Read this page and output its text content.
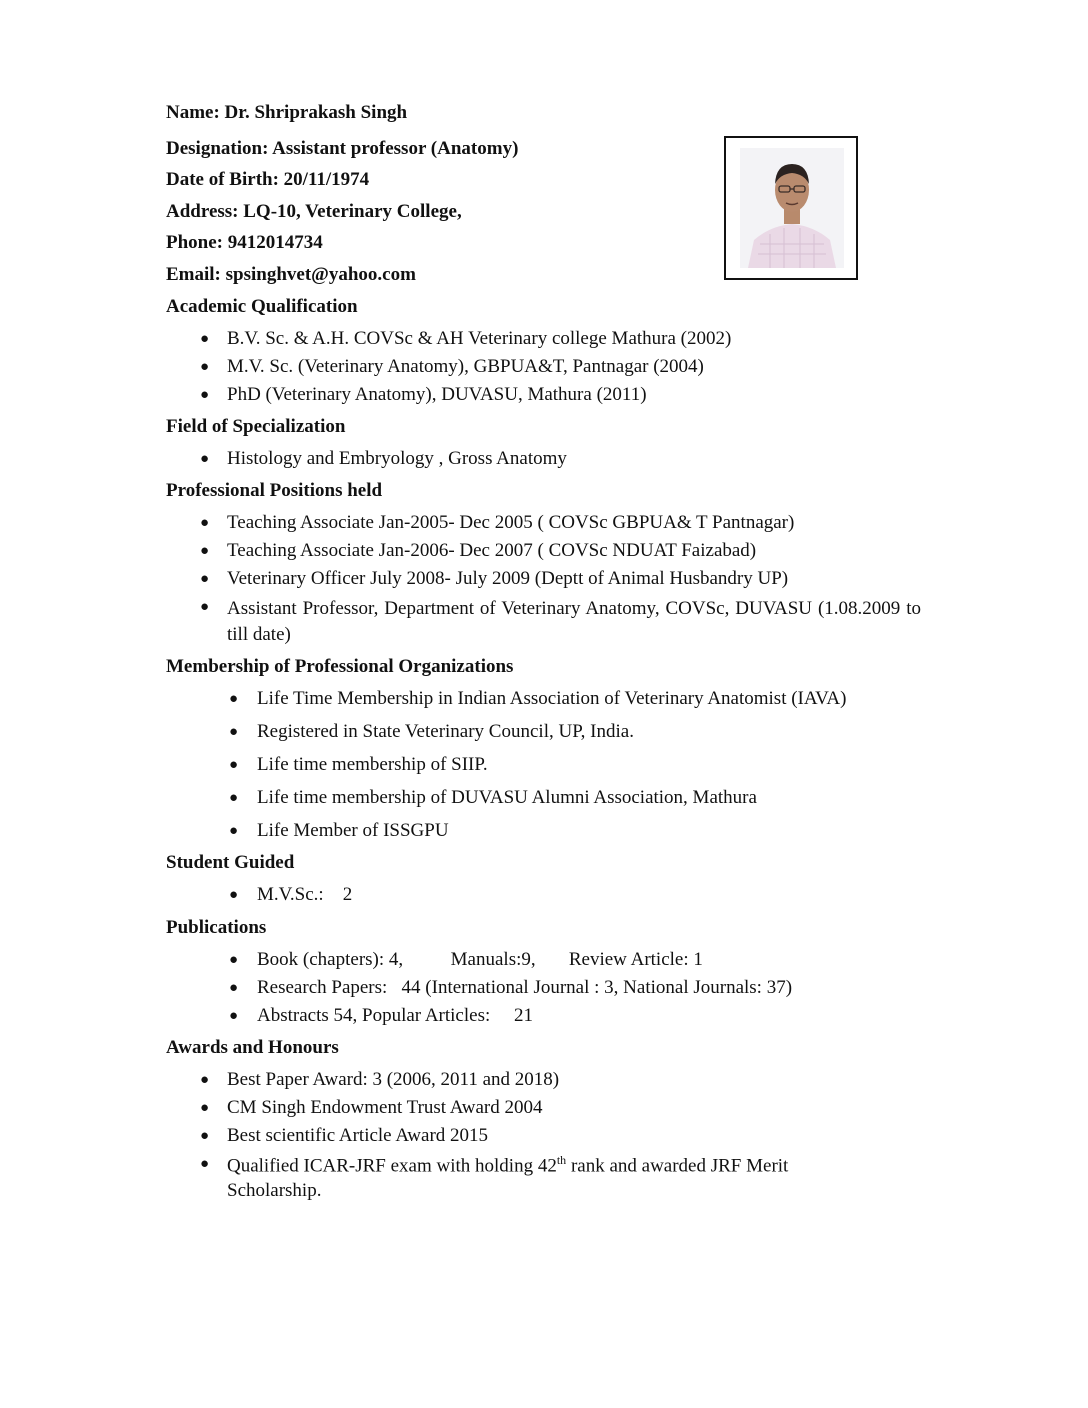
Name: Dr. Shriprakash Singh
Designation: Assistant professor (Anatomy)
Date of Birth: 20/11/1974
Address: LQ-10, Veterinary College,
Phone: 9412014734
Email: spsinghvet@yahoo.com
Academic Qualification
● B.V. Sc. & A.H. COVSc & AH Veterinary college Mathura (2002)
● M.V. Sc. (Veterinary Anatomy), GBPUA&T, Pantnagar (2004)
● PhD (Veterinary Anatomy), DUVASU, Mathura (2011)
Field of Specialization
● Histology and Embryology , Gross Anatomy
Professional Positions held
● Teaching Associate Jan-2005- Dec 2005 ( COVSc GBPUA& T Pantnagar)
● Teaching Associate Jan-2006- Dec 2007 ( COVSc NDUAT Faizabad)
● Veterinary Officer July 2008- July 2009 (Deptt of Animal Husbandry UP)
● Assistant Professor, Department of Veterinary Anatomy, COVSc, DUVASU (1.08.2009 to till date)
Membership of Professional Organizations
● Life Time Membership in Indian Association of Veterinary Anatomist (IAVA)
● Registered in State Veterinary Council, UP, India.
● Life time membership of SIIP.
● Life time membership of DUVASU Alumni Association, Mathura
● Life Member of ISSGPU
Student Guided
● M.V.Sc.:    2
Publications
● Book (chapters): 4,          Manuals:9,       Review Article: 1
● Research Papers:   44 (International Journal : 3, National Journals: 37)
● Abstracts 54, Popular Articles:     21
Awards and Honours
● Best Paper Award: 3 (2006, 2011 and 2018)
● CM Singh Endowment Trust Award 2004
● Best scientific Article Award 2015
● Qualified ICAR-JRF exam with holding 42th rank and awarded JRF Merit
Scholarship.
